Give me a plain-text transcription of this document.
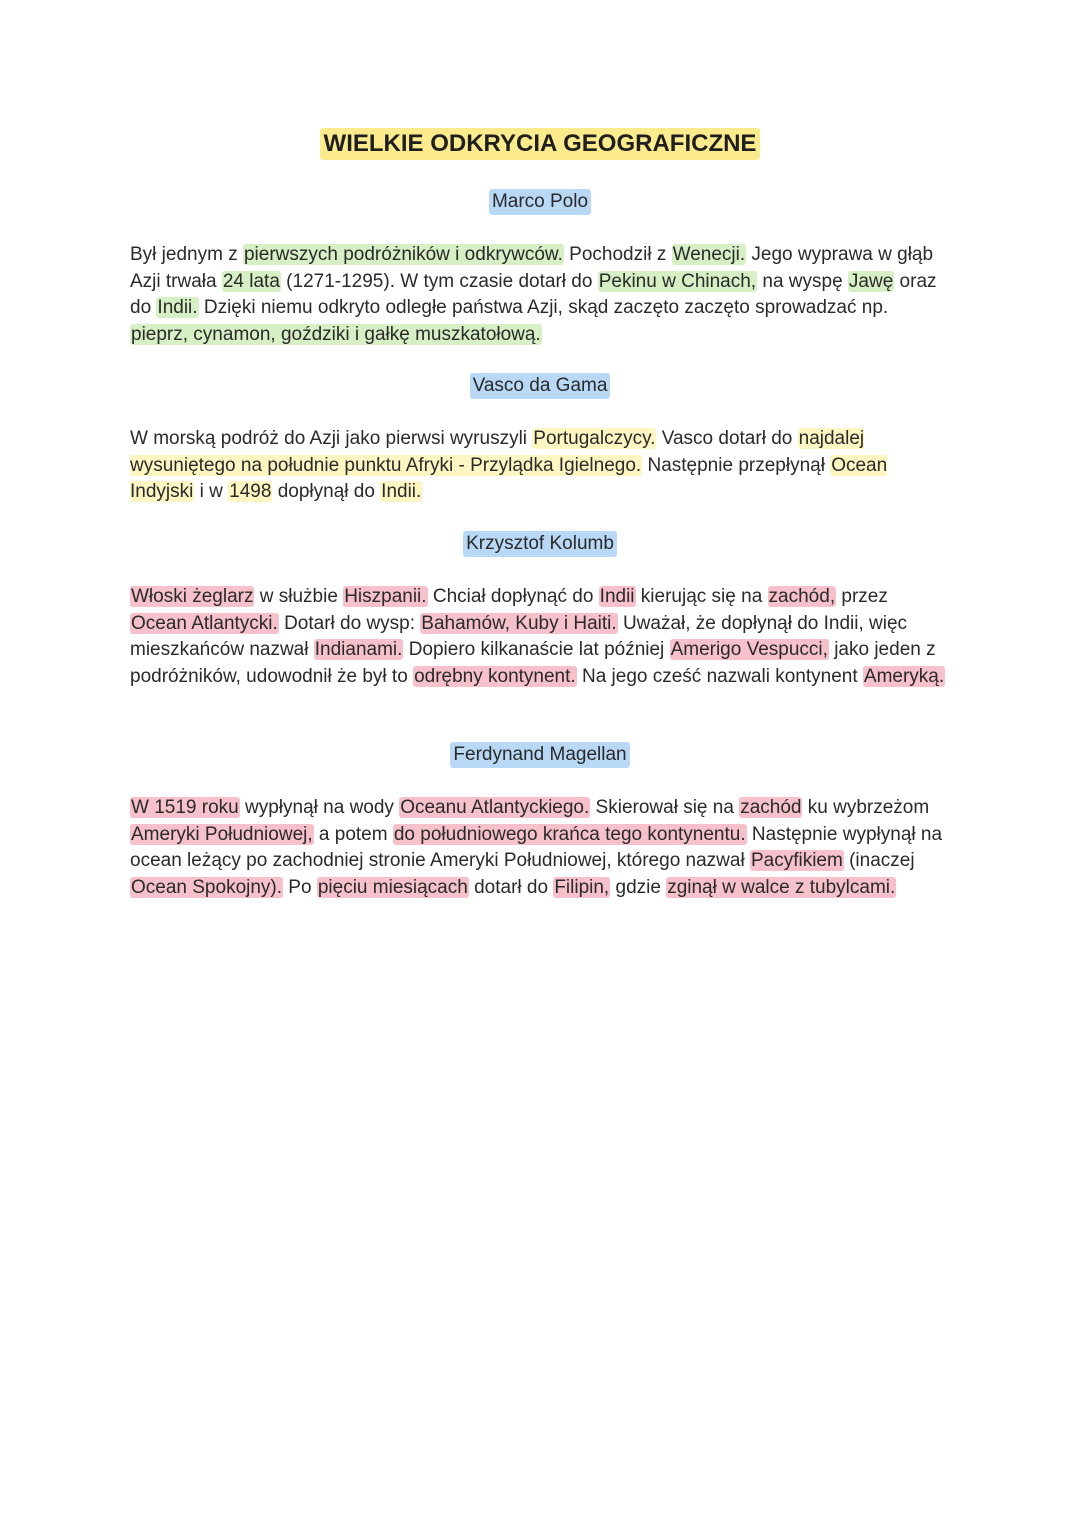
WIELKIE ODKRYCIA GEOGRAFICZNE
Marco Polo

Był jednym z pierwszych podróżników i odkrywców. Pochodził z Wenecji. Jego wyprawa w głąb Azji trwała 24 lata (1271-1295). W tym czasie dotarł do Pekinu w Chinach, na wyspę Jawę oraz do Indii. Dzięki niemu odkryto odległe państwa Azji, skąd zaczęto zaczęto sprowadzać np. pieprz, cynamon, goździki i gałkę muszkatołową.

Vasco da Gama

W morską podróż do Azji jako pierwsi wyruszyli Portugalczycy. Vasco dotarł do najdalej wysuniętego na południe punktu Afryki - Przylądka Igielnego. Następnie przepłynął Ocean Indyjski i w 1498 dopłynął do Indii.

Krzysztof Kolumb

Włoski żeglarz w służbie Hiszpanii. Chciał dopłynąć do Indii kierując się na zachód, przez Ocean Atlantycki. Dotarł do wysp: Bahamów, Kuby i Haiti. Uważał, że dopłynął do Indii, więc mieszkańców nazwał Indianami. Dopiero kilkanaście lat później Amerigo Vespucci, jako jeden z podróżników, udowodnił że był to odrębny kontynent. Na jego cześć nazwali kontynent Ameryką.

Ferdynand Magellan

W 1519 roku wypłynął na wody Oceanu Atlantyckiego. Skierował się na zachód ku wybrzeżom Ameryki Południowej, a potem do południowego krańca tego kontynentu. Następnie wypłynął na ocean leżący po zachodniej stronie Ameryki Południowej, którego nazwał Pacyfikiem (inaczej Ocean Spokojny). Po pięciu miesiącach dotarł do Filipin, gdzie zginął w walce z tubylcami.
